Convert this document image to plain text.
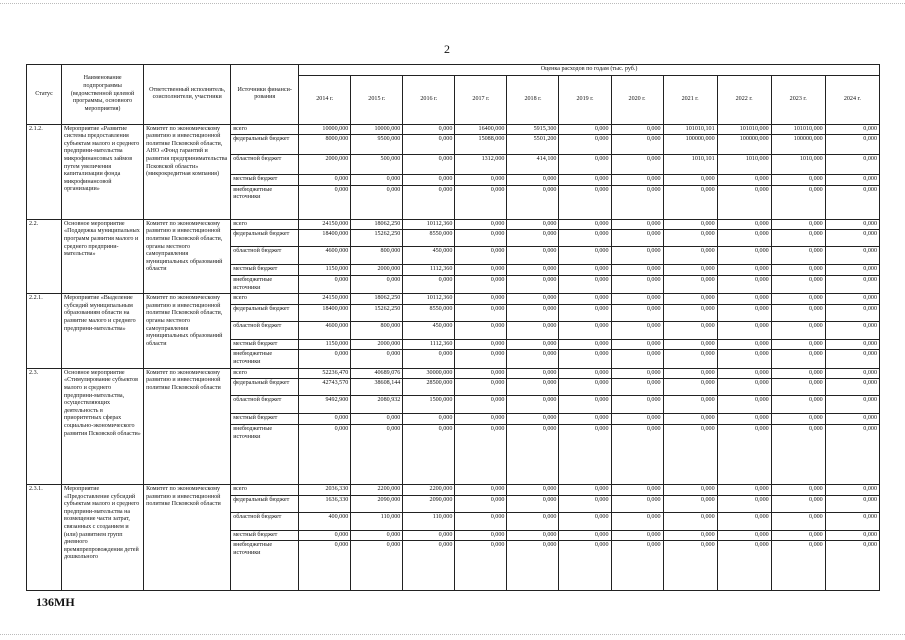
2
Статус	Наименование подпрограммы (ведомственной целевой программы, основного мероприятия)	Ответственный исполнитель, соисполнители, участники	Источники финанси-рования	Оценка расходов по годам (тыс. руб.)										
				2014 г.	2015 г.	2016 г.	2017 г.	2018 г.	2019 г.	2020 г.	2021 г.	2022 г.	2023 г.	2024 г.
2.1.2.	Мероприятие «Развитие системы предоставления субъектам малого и среднего предприни-мательства микрофинансовых займов путем увеличения капитализации фонда микрофинансовой организации»	Комитет по экономическому развитию и инвестиционной политике Псковской области, АНО «Фонд гарантий и развития предпринимательства Псковской области» (микрокредитная компания)	всего	10000,000	10000,000	0,000	16400,000	5915,300	0,000	0,000	101010,101	101010,000	101010,000	0,000
			федеральный бюджет	8000,000	9500,000	0,000	15088,000	5501,200	0,000	0,000	100000,000	100000,000	100000,000	0,000
			областной бюджет	2000,000	500,000	0,000	1312,000	414,100	0,000	0,000	1010,101	1010,000	1010,000	0,000
			местный бюджет	0,000	0,000	0,000	0,000	0,000	0,000	0,000	0,000	0,000	0,000	0,000
			внебюджетные источники	0,000	0,000	0,000	0,000	0,000	0,000	0,000	0,000	0,000	0,000	0,000
2.2.	Основное мероприятие «Поддержка муниципальных программ развития малого и среднего предприни-мательства»	Комитет по экономическому развитию и инвестиционной политике Псковской области, органы местного самоуправления муниципальных образований области	всего	24150,000	18062,250	10112,360	0,000	0,000	0,000	0,000	0,000	0,000	0,000	0,000
			федеральный бюджет	18400,000	15262,250	8550,000	0,000	0,000	0,000	0,000	0,000	0,000	0,000	0,000
			областной бюджет	4600,000	800,000	450,000	0,000	0,000	0,000	0,000	0,000	0,000	0,000	0,000
			местный бюджет	1150,000	2000,000	1112,360	0,000	0,000	0,000	0,000	0,000	0,000	0,000	0,000
			внебюджетные источники	0,000	0,000	0,000	0,000	0,000	0,000	0,000	0,000	0,000	0,000	0,000
2.2.1.	Мероприятие «Выделение субсидий муниципальным образованиям области на развитие малого и среднего предприни-мательства»	Комитет по экономическому развитию и инвестиционной политике Псковской области, органы местного самоуправления муниципальных образований области	всего	24150,000	18062,250	10112,360	0,000	0,000	0,000	0,000	0,000	0,000	0,000	0,000
			федеральный бюджет	18400,000	15262,250	8550,000	0,000	0,000	0,000	0,000	0,000	0,000	0,000	0,000
			областной бюджет	4600,000	800,000	450,000	0,000	0,000	0,000	0,000	0,000	0,000	0,000	0,000
			местный бюджет	1150,000	2000,000	1112,360	0,000	0,000	0,000	0,000	0,000	0,000	0,000	0,000
			внебюджетные источники	0,000	0,000	0,000	0,000	0,000	0,000	0,000	0,000	0,000	0,000	0,000
2.3.	Основное мероприятие «Стимулирование субъектов малого и среднего предприни-мательства, осуществляющих деятельность в приоритетных сферах социально-экономического развития Псковской области»	Комитет по экономическому развитию и инвестиционной политике Псковской области	всего	52236,470	40689,076	30000,000	0,000	0,000	0,000	0,000	0,000	0,000	0,000	0,000
			федеральный бюджет	42743,570	38608,144	28500,000	0,000	0,000	0,000	0,000	0,000	0,000	0,000	0,000
			областной бюджет	9492,900	2080,932	1500,000	0,000	0,000	0,000	0,000	0,000	0,000	0,000	0,000
			местный бюджет	0,000	0,000	0,000	0,000	0,000	0,000	0,000	0,000	0,000	0,000	0,000
			внебюджетные источники	0,000	0,000	0,000	0,000	0,000	0,000	0,000	0,000	0,000	0,000	0,000
2.3.1.	Мероприятие «Предоставление субсидий субъектам малого и среднего предприни-мательства на возмещение части затрат, связанных с созданием и (или) развитием групп дневного времяпрепровождения детей дошкольного	Комитет по экономическому развитию и инвестиционной политике Псковской области	всего	2036,330	2200,000	2200,000	0,000	0,000	0,000	0,000	0,000	0,000	0,000	0,000
			федеральный бюджет	1636,330	2090,000	2090,000	0,000	0,000	0,000	0,000	0,000	0,000	0,000	0,000
			областной бюджет	400,000	110,000	110,000	0,000	0,000	0,000	0,000	0,000	0,000	0,000	0,000
			местный бюджет	0,000	0,000	0,000	0,000	0,000	0,000	0,000	0,000	0,000	0,000	0,000
			внебюджетные источники	0,000	0,000	0,000	0,000	0,000	0,000	0,000	0,000	0,000	0,000	0,000
136МН
